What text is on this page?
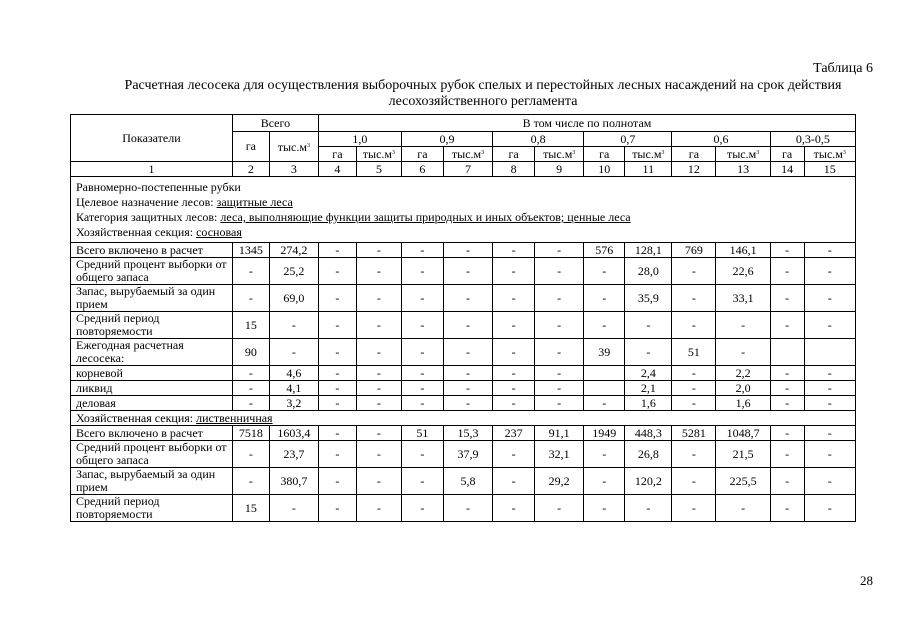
Таблица 6
Расчетная лесосека для осуществления выборочных рубок спелых и перестойных лесных насаждений на срок действия
лесохозяйственного регламента
Показатели	Всего		В том числе по полнотам											
	га	$тыс.м^3$	1,0		0,9		0,8		0,7		0,6		0,3-0,5	
			га	$тыс.м^3$	га	$тыс.м^3$	га	$тыс.м^3$	га	$тыс.м^3$	га	$тыс.м^3$	га	$тыс.м^3$
1	2	3	4	5	6	7	8	9	10	11	12	13	14	15

Равномерно-постепенные рубки
Целевое назначение лесов: защитные леса
Категория защитных лесов: леса, выполняющие функции защиты природных и иных объектов; ценные леса
Хозяйственная секция: сосновая														

Всего включено в расчет	1345	274,2	-	-	-	-	-	-	576	128,1	769	146,1	-	-
Средний процент выборки от общего запаса	-	25,2	-	-	-	-	-	-	-	28,0	-	22,6	-	-
Запас, вырубаемый за один прием	-	69,0	-	-	-	-	-	-	-	35,9	-	33,1	-	-
Средний период повторяемости	15	-	-	-	-	-	-	-	-	-	-	-	-	-
Ежегодная расчетная лесосека:	90	-	-	-	-	-	-	-	39	-	51	-		
корневой	-	4,6	-	-	-	-	-	-		2,4	-	2,2	-	-
ликвид	-	4,1	-	-	-	-	-	-		2,1	-	2,0	-	-
деловая	-	3,2	-	-	-	-	-	-	-	1,6	-	1,6	-	-
Хозяйственная секция: лиственничная														
Всего включено в расчет	7518	1603,4	-	-	51	15,3	237	91,1	1949	448,3	5281	1048,7	-	-
Средний процент выборки от общего запаса	-	23,7	-	-	-	37,9	-	32,1	-	26,8	-	21,5	-	-
Запас, вырубаемый за один прием	-	380,7	-	-	-	5,8	-	29,2	-	120,2	-	225,5	-	-
Средний период повторяемости	15	-	-	-	-	-	-	-	-	-	-	-	-	-
28
